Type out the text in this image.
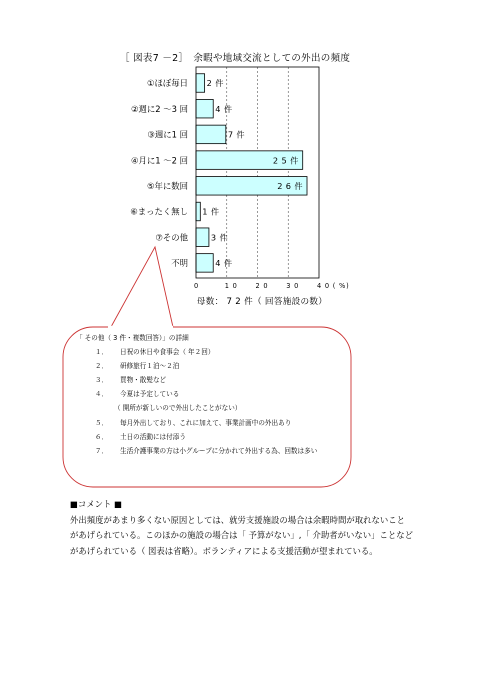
［ 図表7 －2］　余暇や地域交流としての外出の頻度
①ほぼ毎日 2 件
②週に2 ～3 回	4 件
③週に1 回	7 件
④月に1 ～2 回	2 5 件
⑤年に数回	2 6 件
⑥まったく無し 1 件
⑦その他	3 件
不明	4 件
0	1 0	2 0	3 0	4 0 ( %)
母数： 7 2 件（ 回答施設の数）
「 その他（ 3 件・複数回答）」の詳細
１． 日祝の休日や食事会（ 年２回）
２． 研修旅行１泊～２泊
３． 買物・散髪など
４． 今夏は予定している
（ 開所が新しいので外出したことがない）
５． 毎月外出しており、これに加えて、事業計画中の外出あり
６． 土日の活動には付添う
７． 生活介護事業の方は小グループに分かれて外出する為、回数は多い
■コメント ■
外出頻度があまり多くない原因としては、就労支援施設の場合は余暇時間が取れないこと
があげられている。このほかの施設の場合は「 予算がない」,「 介助者がいない」ことなど
があげられている（ 図表は省略）。ボランティアによる支援活動が望まれている。
